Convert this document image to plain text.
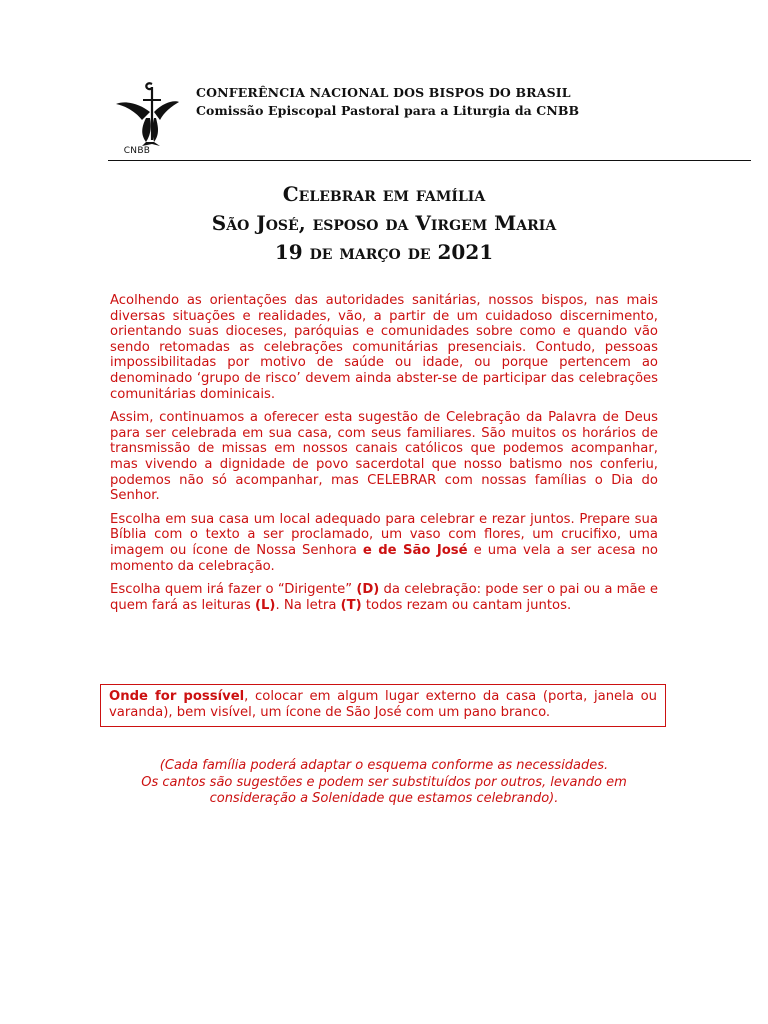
CNBB
CONFERÊNCIA NACIONAL DOS BISPOS DO BRASIL
Comissão Episcopal Pastoral para a Liturgia da CNBB
Celebrar em família
São José, esposo da Virgem Maria
19 de março de 2021

Acolhendo as orientações das autoridades sanitárias, nossos bispos, nas mais diversas situações e realidades, vão, a partir de um cuidadoso discernimento, orientando suas dioceses, paróquias e comunidades sobre como e quando vão sendo retomadas as celebrações comunitárias presenciais. Contudo, pessoas impossibilitadas por motivo de saúde ou idade, ou porque pertencem ao denominado ‘grupo de risco’ devem ainda abster-se de participar das celebrações comunitárias dominicais.

Assim, continuamos a oferecer esta sugestão de Celebração da Palavra de Deus para ser celebrada em sua casa, com seus familiares. São muitos os horários de transmissão de missas em nossos canais católicos que podemos acompanhar, mas vivendo a dignidade de povo sacerdotal que nosso batismo nos conferiu, podemos não só acompanhar, mas CELEBRAR com nossas famílias o Dia do Senhor.

Escolha em sua casa um local adequado para celebrar e rezar juntos. Prepare sua Bíblia com o texto a ser proclamado, um vaso com flores, um crucifixo, uma imagem ou ícone de Nossa Senhora e de São José e uma vela a ser acesa no momento da celebração.

Escolha quem irá fazer o “Dirigente” (D) da celebração: pode ser o pai ou a mãe e quem fará as leituras (L). Na letra (T) todos rezam ou cantam juntos.

Onde for possível, colocar em algum lugar externo da casa (porta, janela ou varanda), bem visível, um ícone de São José com um pano branco.
(Cada família poderá adaptar o esquema conforme as necessidades.
Os cantos são sugestões e podem ser substituídos por outros, levando em consideração a Solenidade que estamos celebrando).
